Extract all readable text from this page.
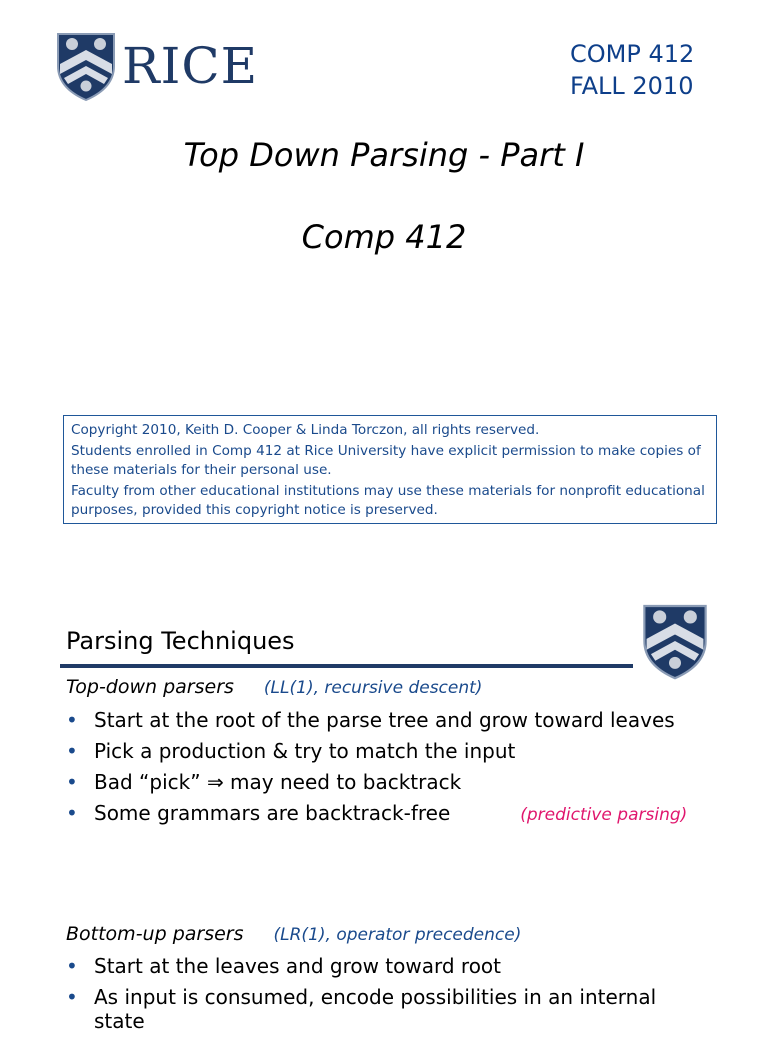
RICE	COMP 412
FALL 2010
Top Down Parsing - Part I
Comp 412

Copyright 2010, Keith D. Cooper & Linda Torczon, all rights reserved.

Students enrolled in Comp 412 at Rice University have explicit permission to make copies of these materials for their personal use.

Faculty from other educational institutions may use these materials for nonprofit educational purposes, provided this copyright notice is preserved.

Parsing Techniques
Top-down parsers (LL(1), recursive descent)
• Start at the root of the parse tree and grow toward leaves
• Pick a production & try to match the input
• Bad “pick” ⇒ may need to backtrack
• Some grammars are backtrack-free	(predictive parsing)
Bottom-up parsers (LR(1), operator precedence)
• Start at the leaves and grow toward root
• As input is consumed, encode possibilities in an internal state
